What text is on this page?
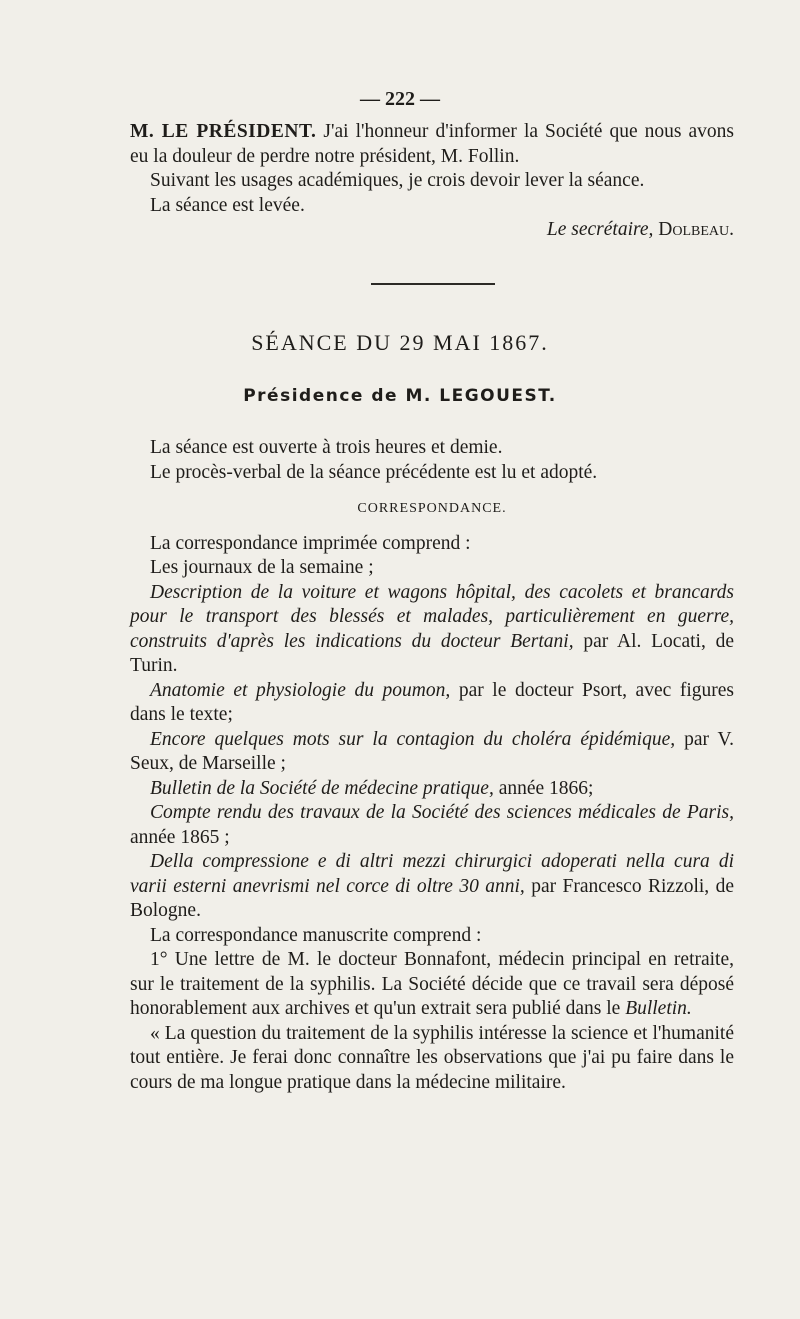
— 222 —

M. LE PRÉSIDENT. J'ai l'honneur d'informer la Société que nous avons eu la douleur de perdre notre président, M. Follin.

Suivant les usages académiques, je crois devoir lever la séance.

La séance est levée.

Le secrétaire, Dolbeau.

SÉANCE DU 29 MAI 1867.
Présidence de M. LEGOUEST.

La séance est ouverte à trois heures et demie.

Le procès-verbal de la séance précédente est lu et adopté.

CORRESPONDANCE.

La correspondance imprimée comprend :

Les journaux de la semaine ;

Description de la voiture et wagons hôpital, des cacolets et brancards pour le transport des blessés et malades, particulièrement en guerre, construits d'après les indications du docteur Bertani, par Al. Locati, de Turin.

Anatomie et physiologie du poumon, par le docteur Psort, avec figures dans le texte;

Encore quelques mots sur la contagion du choléra épidémique, par V. Seux, de Marseille ;

Bulletin de la Société de médecine pratique, année 1866;

Compte rendu des travaux de la Société des sciences médicales de Paris, année 1865 ;

Della compressione e di altri mezzi chirurgici adoperati nella cura di varii esterni anevrismi nel corce di oltre 30 anni, par Francesco Rizzoli, de Bologne.

La correspondance manuscrite comprend :

1° Une lettre de M. le docteur Bonnafont, médecin principal en retraite, sur le traitement de la syphilis. La Société décide que ce travail sera déposé honorablement aux archives et qu'un extrait sera publié dans le Bulletin.

« La question du traitement de la syphilis intéresse la science et l'humanité tout entière. Je ferai donc connaître les observations que j'ai pu faire dans le cours de ma longue pratique dans la médecine militaire.
